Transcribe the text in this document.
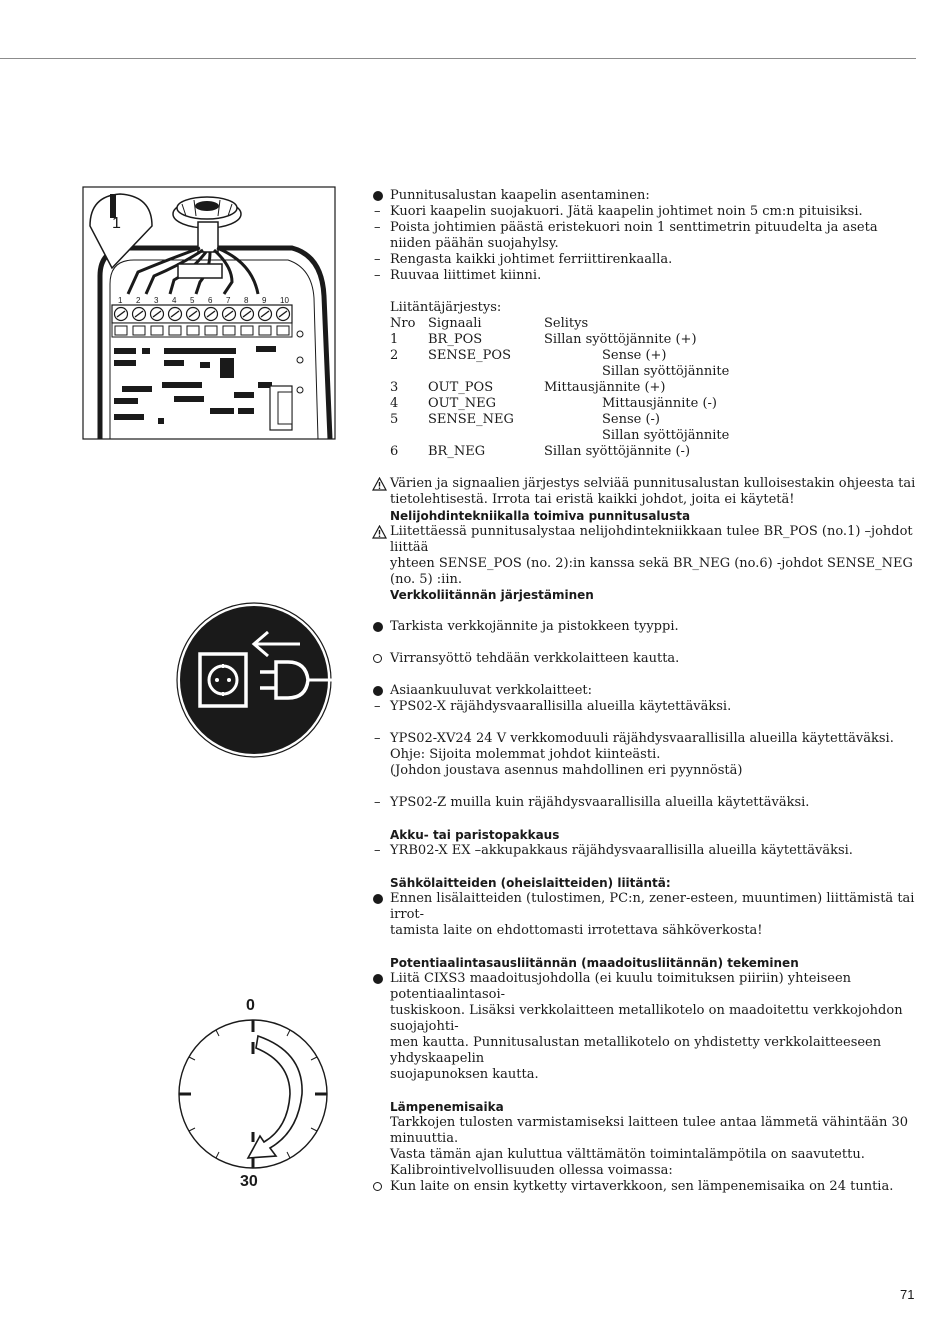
1
1 2 3 4 5 6 7 8 9 10
Punnitusalustan kaapelin asentaminen:
– Kuori kaapelin suojakuori. Jätä kaapelin johtimet noin 5 cm:n pituisiksi.
– Poista johtimien päästä eristekuori noin 1 senttimetrin pituudelta ja aseta niiden päähän suojahylsy.
– Rengasta kaikki johtimet ferriittirenkaalla.
– Ruuvaa liittimet kiinni.
Liitäntäjärjestys:
Nro	Signaali	Selitys
1	BR_POS	Sillan syöttöjännite (+)
2	SENSE_POS	Sense (+)
Sillan syöttöjännite

3	OUT_POS	Mittausjännite (+)
4	OUT_NEG	Mittausjännite (-)
5	SENSE_NEG	Sense (-)
Sillan syöttöjännite

6	BR_NEG	Sillan syöttöjännite (-)
Värien ja signaalien järjestys selviää punnitusalustan kulloisestakin ohjeesta tai
tietolehtisestä. Irrota tai eristä kaikki johdot, joita ei käytetä!
Nelijohdintekniikalla toimiva punnitusalusta
Liitettäessä punnitusalystaa nelijohdintekniikkaan tulee BR_POS (no.1) –johdot liittää
yhteen SENSE_POS (no. 2):in kanssa sekä BR_NEG (no.6) -johdot SENSE_NEG (no. 5) :iin.
Verkkoliitännän järjestäminen
Tarkista verkkojännite ja pistokkeen tyyppi.
Virransyöttö tehdään verkkolaitteen kautta.
Asiaankuuluvat verkkolaitteet:
– YPS02-X räjähdysvaarallisilla alueilla käytettäväksi.
– YPS02-XV24 24 V verkkomoduuli räjähdysvaarallisilla alueilla käytettäväksi.
Ohje: Sijoita molemmat johdot kiinteästi.
(Johdon joustava asennus mahdollinen eri pyynnöstä)
– YPS02-Z muilla kuin räjähdysvaarallisilla alueilla käytettäväksi.
Akku- tai paristopakkaus
– YRB02-X EX –akkupakkaus räjähdysvaarallisilla alueilla käytettäväksi.
Sähkölaitteiden (oheislaitteiden) liitäntä:
Ennen lisälaitteiden (tulostimen, PC:n, zener-esteen, muuntimen) liittämistä tai irrot-
tamista laite on ehdottomasti irrotettava sähköverkosta!
Potentiaalintasausliitännän (maadoitusliitännän) tekeminen
Liitä CIXS3 maadoitusjohdolla (ei kuulu toimituksen piiriin) yhteiseen potentiaalintasoi-
tuskiskoon. Lisäksi verkkolaitteen metallikotelo on maadoitettu verkkojohdon suojajohti-
men kautta. Punnitusalustan metallikotelo on yhdistetty verkkolaitteeseen yhdyskaapelin
suojapunoksen kautta.
Lämpenemisaika
Tarkkojen tulosten varmistamiseksi laitteen tulee antaa lämmetä vähintään 30 minuuttia.
Vasta tämän ajan kuluttua välttämätön toimintalämpötila on saavutettu.
Kalibrointivelvollisuuden ollessa voimassa:
Kun laite on ensin kytketty virtaverkkoon, sen lämpenemisaika on 24 tuntia.
0
30
71
